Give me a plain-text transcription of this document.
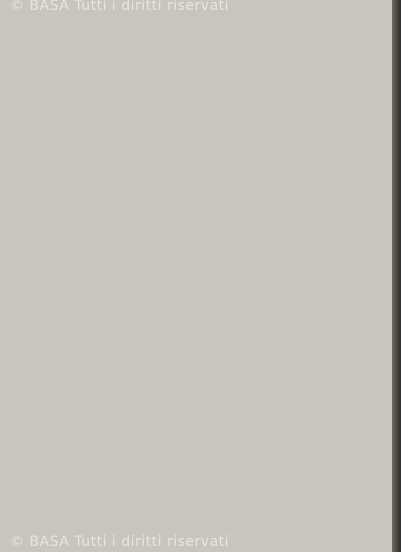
© BASA Tutti i diritti riservati
© BASA Tutti i diritti riservati
